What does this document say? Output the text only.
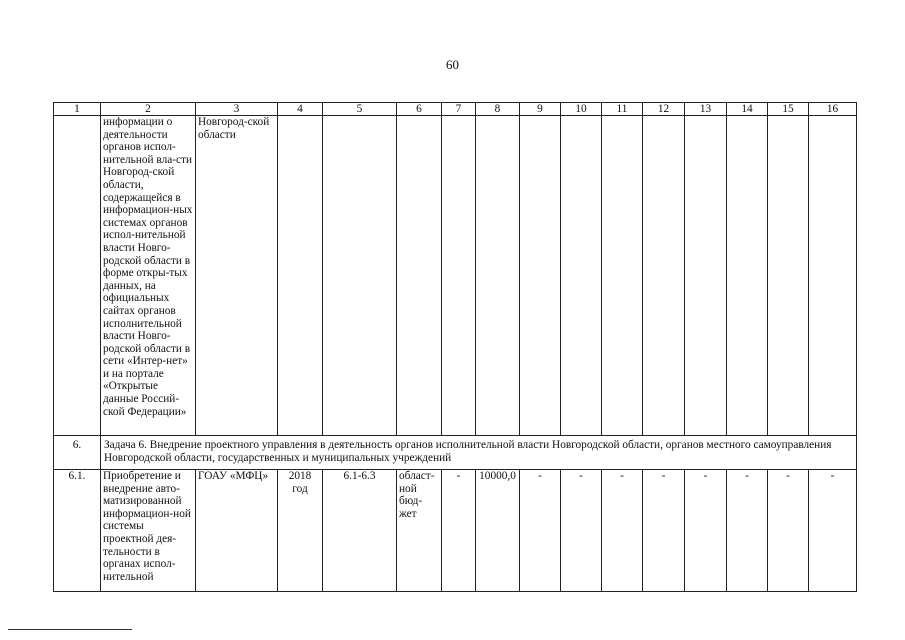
60
1	2	3	4	5	6	7	8	9	10	11	12	13	14	15	16
	информации о деятельности органов испол-нительной вла-сти Новгород-ской области, содержащейся в информацион-ных системах органов испол-нительной власти Новго-родской области в форме откры-тых данных, на официальных сайтах органов исполнительной власти Новго-родской области в сети «Интер-нет» и на портале «Открытые данные Россий-ской Федерации»	Новгород-ской области													
6.	Задача 6. Внедрение проектного управления в деятельность органов исполнительной власти Новгородской области, органов местного самоуправления Новгородской области, государственных и муниципальных учреждений														
6.1.	Приобретение и внедрение авто-матизированной информацион-ной системы проектной дея-тельности в органах испол-нительной	ГОАУ «МФЦ»	2018 год	6.1-6.3	област-ной бюд-жет	-	10000,0	-	-	-	-	-	-	-	-
